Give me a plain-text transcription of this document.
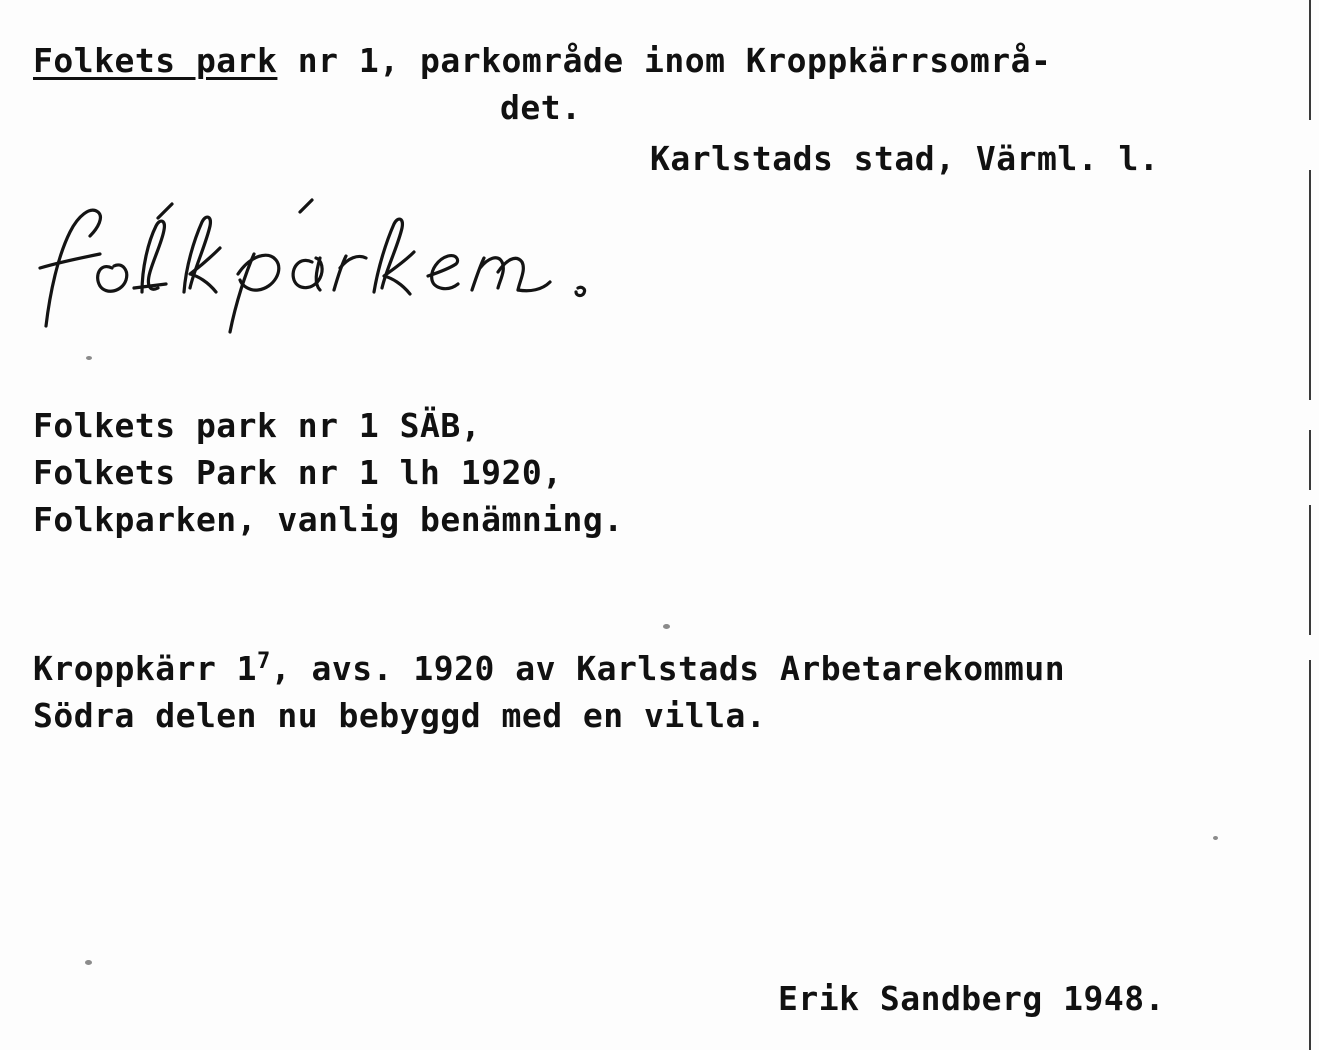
Folkets park nr 1, parkområde inom Kroppkärrsområ-
det.
Karlstads stad, Värml. l.
Folkets park nr 1 SÄB,
Folkets Park nr 1 lh 1920,
Folkparken, vanlig benämning.
Kroppkärr $1^7$, avs. 1920 av Karlstads Arbetarekommun
Södra delen nu bebyggd med en villa.
Erik Sandberg 1948.
